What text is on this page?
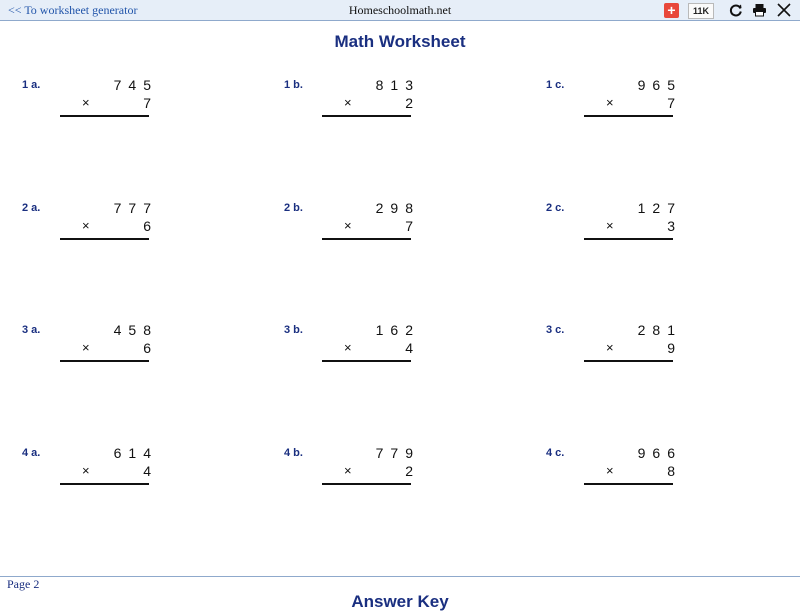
<< To worksheet generator	Homeschoolmath.net	+	11K
Math Worksheet
1 a.	745
×	7
1 b.	813
×	2
1 c.	965
×	7
2 a.	777
×	6
2 b.	298
×	7
2 c.	127
×	3
3 a.	458
×	6
3 b.	162
×	4
3 c.	281
×	9
4 a.	614
×	4
4 b.	779
×	2
4 c.	966
×	8
Page 2
Answer Key
